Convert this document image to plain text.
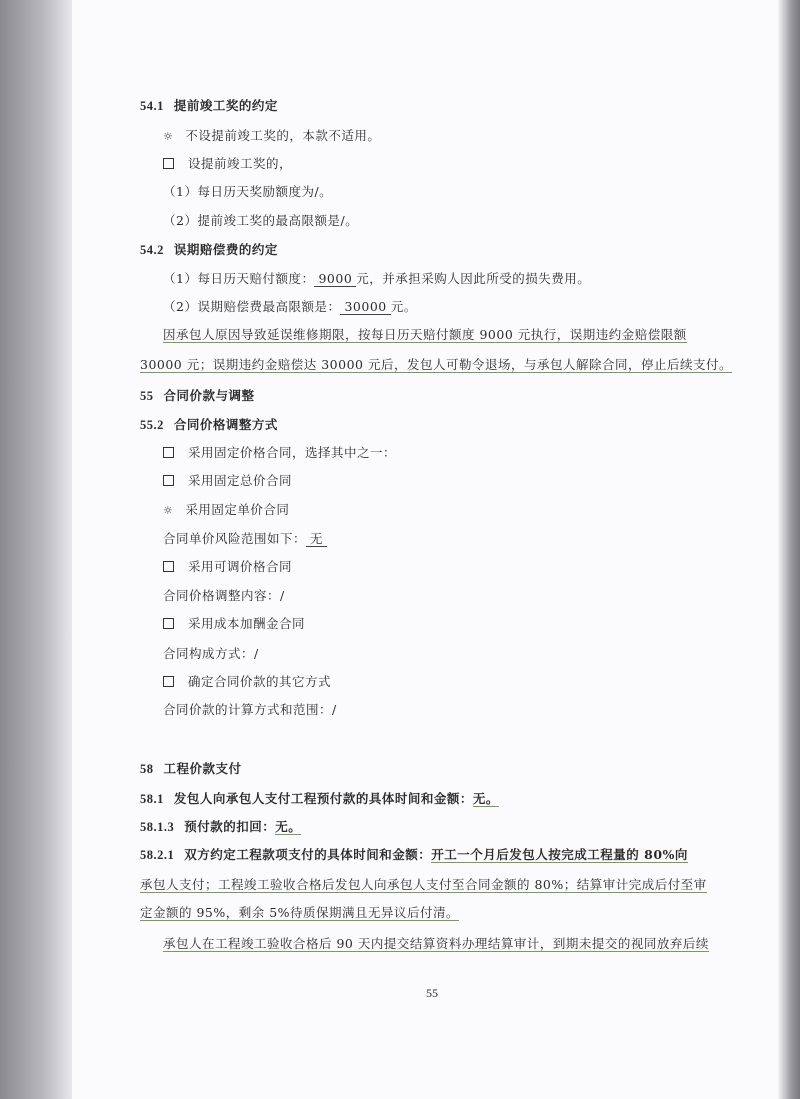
54.1 提前竣工奖的约定
☼ 不设提前竣工奖的，本款不适用。
设提前竣工奖的，
（1）每日历天奖励额度为/。
（2）提前竣工奖的最高限额是/。
54.2 误期赔偿费的约定
（1）每日历天赔付额度： 9000 元，并承担采购人因此所受的损失费用。
（2）误期赔偿费最高限额是： 30000 元。
因承包人原因导致延误维修期限，按每日历天赔付额度 9000 元执行，误期违约金赔偿限额
30000 元；误期违约金赔偿达 30000 元后，发包人可勒令退场，与承包人解除合同，停止后续支付。
55 合同价款与调整
55.2 合同价格调整方式
采用固定价格合同，选择其中之一：
采用固定总价合同
☼ 采用固定单价合同
合同单价风险范围如下： 无
采用可调价格合同
合同价格调整内容：/
采用成本加酬金合同
合同构成方式：/
确定合同价款的其它方式
合同价款的计算方式和范围：/
58 工程价款支付
58.1 发包人向承包人支付工程预付款的具体时间和金额：无。
58.1.3 预付款的扣回：无。
58.2.1 双方约定工程款项支付的具体时间和金额：开工一个月后发包人按完成工程量的 80%向
承包人支付；工程竣工验收合格后发包人向承包人支付至合同金额的 80%；结算审计完成后付至审
定金额的 95%，剩余 5%待质保期满且无异议后付清。
承包人在工程竣工验收合格后 90 天内提交结算资料办理结算审计，到期未提交的视同放弃后续
55
